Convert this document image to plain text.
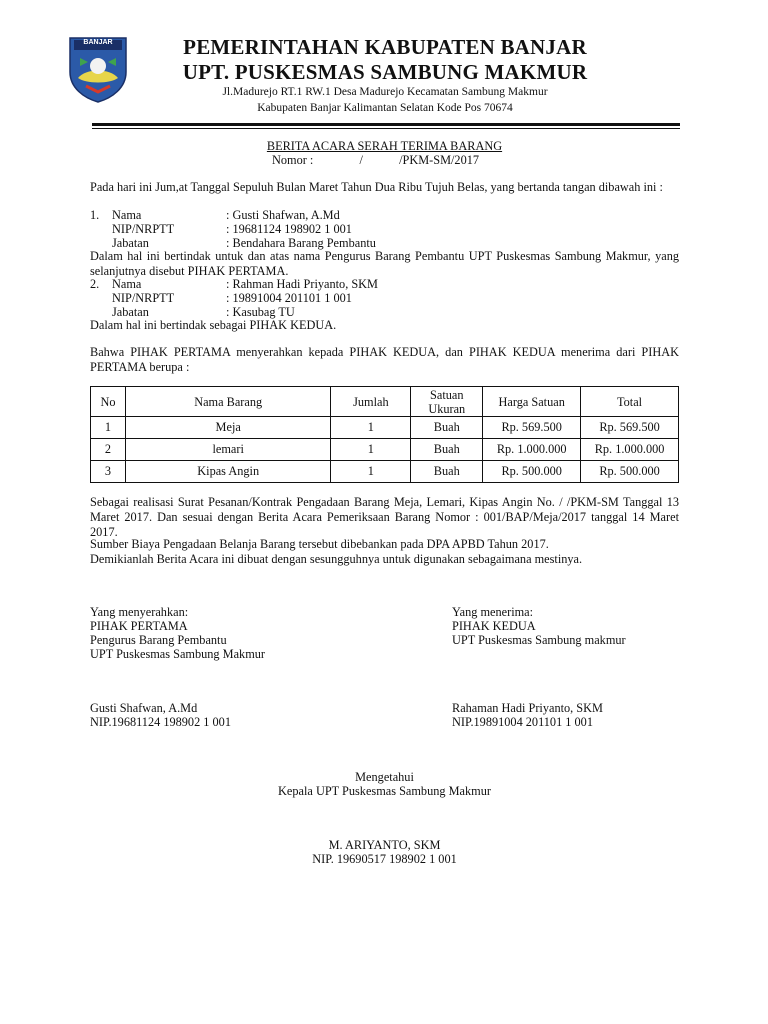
BANJAR	PEMERINTAHAN KABUPATEN BANJAR
UPT. PUSKESMAS SAMBUNG MAKMUR
Jl.Madurejo RT.1 RW.1 Desa Madurejo Kecamatan Sambung Makmur
Kabupaten Banjar Kalimantan Selatan Kode Pos 70674
BERITA ACARA SERAH TERIMA BARANG
Nomor :	/	/PKM-SM/2017
Pada hari ini Jum,at Tanggal Sepuluh Bulan Maret Tahun Dua Ribu Tujuh Belas, yang bertanda tangan dibawah ini :
1. Nama	: Gusti Shafwan, A.Md
NIP/NRPTT	: 19681124 198902 1 001
Jabatan	: Bendahara Barang Pembantu
Dalam hal ini bertindak untuk dan atas nama Pengurus Barang Pembantu UPT Puskesmas Sambung Makmur, yang selanjutnya disebut PIHAK PERTAMA.
2. Nama	: Rahman Hadi Priyanto, SKM
NIP/NRPTT	: 19891004 201101 1 001
Jabatan	: Kasubag TU
Dalam hal ini bertindak sebagai PIHAK KEDUA.
Bahwa PIHAK PERTAMA menyerahkan kepada PIHAK KEDUA, dan PIHAK KEDUA menerima dari PIHAK PERTAMA berupa :
No	Nama Barang	Jumlah	Satuan Ukuran	Harga Satuan	Total
1	Meja	1	Buah	Rp. 569.500	Rp. 569.500
2	lemari	1	Buah	Rp. 1.000.000	Rp. 1.000.000
3	Kipas Angin	1	Buah	Rp. 500.000	Rp. 500.000
Sebagai realisasi Surat Pesanan/Kontrak Pengadaan Barang Meja, Lemari, Kipas Angin No. / /PKM-SM Tanggal 13 Maret 2017. Dan sesuai dengan Berita Acara Pemeriksaan Barang Nomor : 001/BAP/Meja/2017 tanggal 14 Maret 2017.
Sumber Biaya Pengadaan Belanja Barang tersebut dibebankan pada DPA APBD Tahun 2017.
Demikianlah Berita Acara ini dibuat dengan sesungguhnya untuk digunakan sebagaimana mestinya.
Yang menyerahkan:
PIHAK PERTAMA
Pengurus Barang Pembantu
UPT Puskesmas Sambung Makmur
Gusti Shafwan, A.Md
NIP.19681124 198902 1 001
Yang menerima:
PIHAK KEDUA
UPT Puskesmas Sambung makmur
Rahaman Hadi Priyanto, SKM
NIP.19891004 201101 1 001
Mengetahui
Kepala UPT Puskesmas Sambung Makmur
M. ARIYANTO, SKM
NIP. 19690517 198902 1 001
